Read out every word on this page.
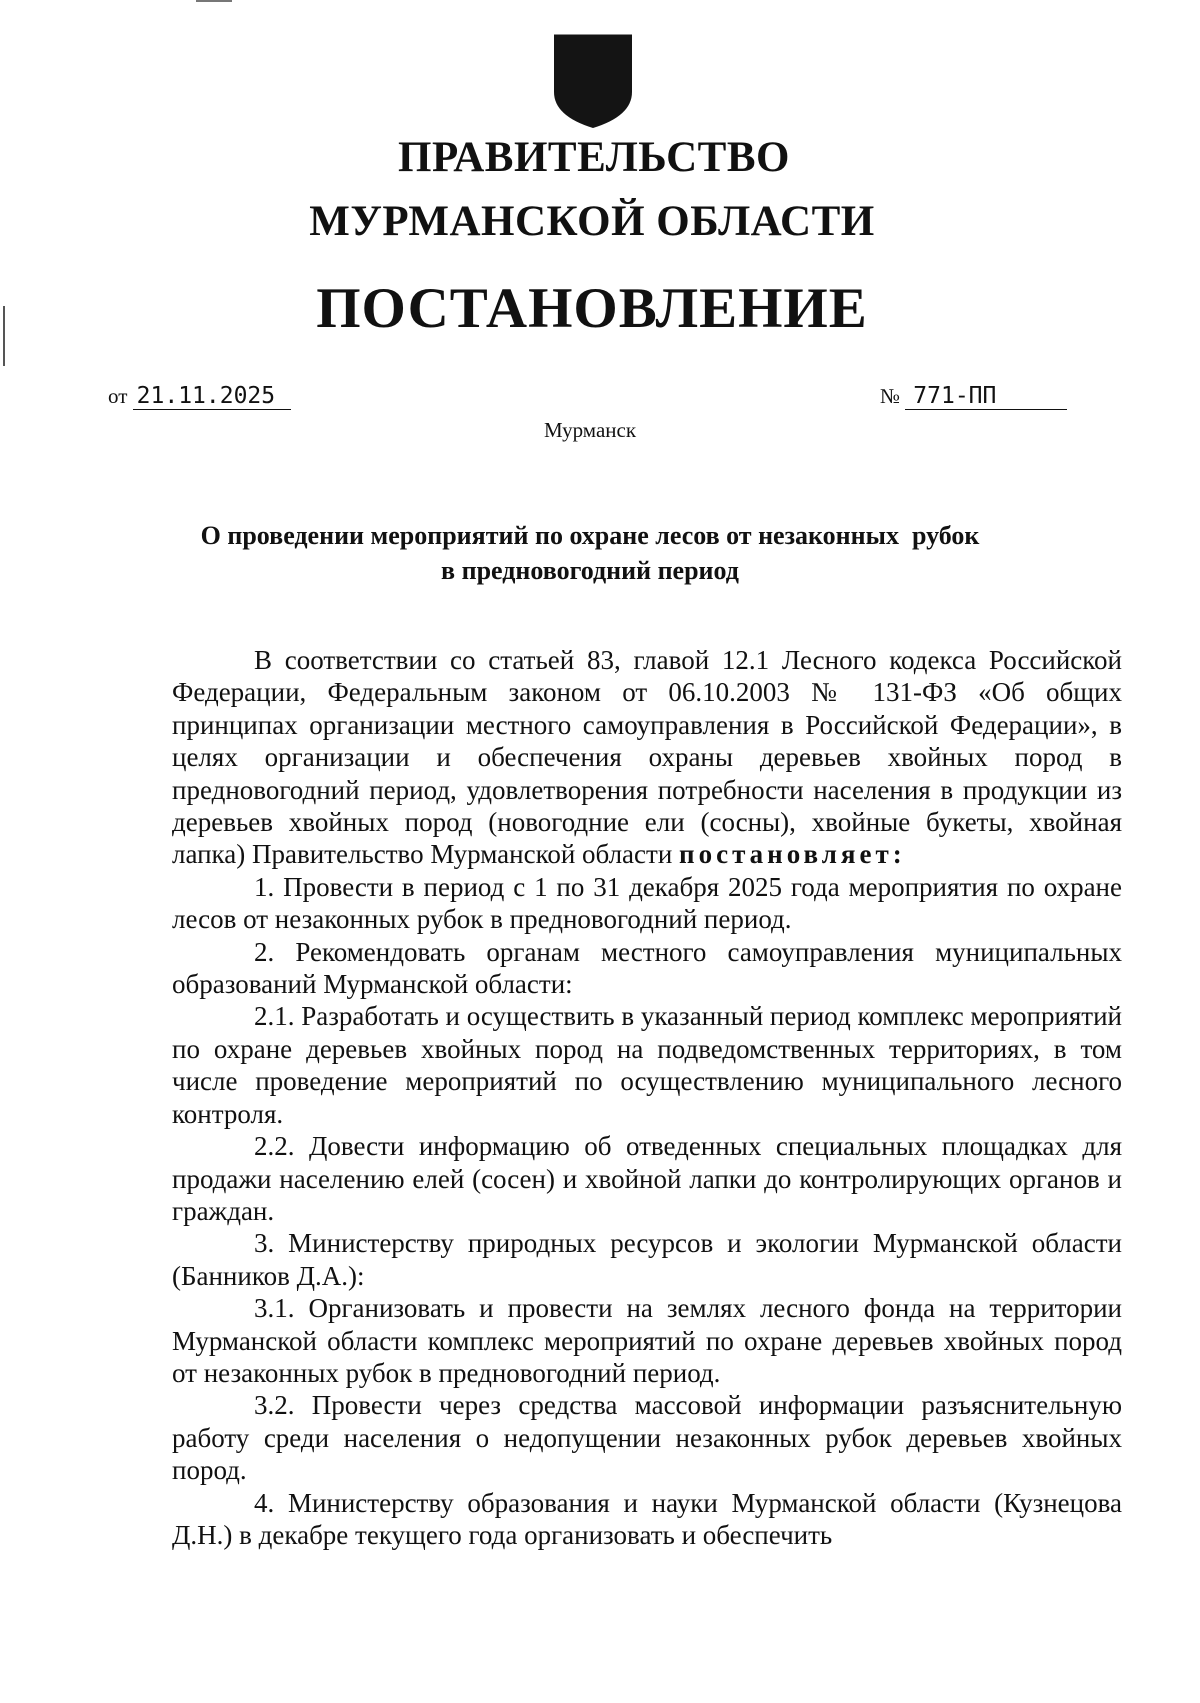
ПРАВИТЕЛЬСТВО
МУРМАНСКОЙ ОБЛАСТИ
ПОСТАНОВЛЕНИЕ
от 21.11.2025	№ 771-ПП
Мурманск
О проведении мероприятий по охране лесов от незаконных  рубок
в предновогодний период

В соответствии со статьей 83, главой 12.1 Лесного кодекса Российской Федерации, Федеральным законом от 06.10.2003 № 131-ФЗ «Об общих принципах организации местного самоуправления в Российской Федерации», в целях организации и обеспечения охраны деревьев хвойных пород в предновогодний период, удовлетворения потребности населения в продукции из деревьев хвойных пород (новогодние ели (сосны), хвойные букеты, хвойная лапка) Правительство Мурманской области постановляет:

1. Провести в период с 1 по 31 декабря 2025 года мероприятия по охране лесов от незаконных рубок в предновогодний период.

2. Рекомендовать органам местного самоуправления муниципальных образований Мурманской области:

2.1. Разработать и осуществить в указанный период комплекс мероприятий по охране деревьев хвойных пород на подведомственных территориях, в том числе проведение мероприятий по осуществлению муниципального лесного контроля.

2.2. Довести информацию об отведенных специальных площадках для продажи населению елей (сосен) и хвойной лапки до контролирующих органов и граждан.

3. Министерству природных ресурсов и экологии Мурманской области (Банников Д.А.):

3.1. Организовать и провести на землях лесного фонда на территории Мурманской области комплекс мероприятий по охране деревьев хвойных пород от незаконных рубок в предновогодний период.

3.2. Провести через средства массовой информации разъяснительную работу среди населения о недопущении незаконных рубок деревьев хвойных пород.

4. Министерству образования и науки Мурманской области (Кузнецова Д.Н.) в декабре текущего года организовать и обеспечить
